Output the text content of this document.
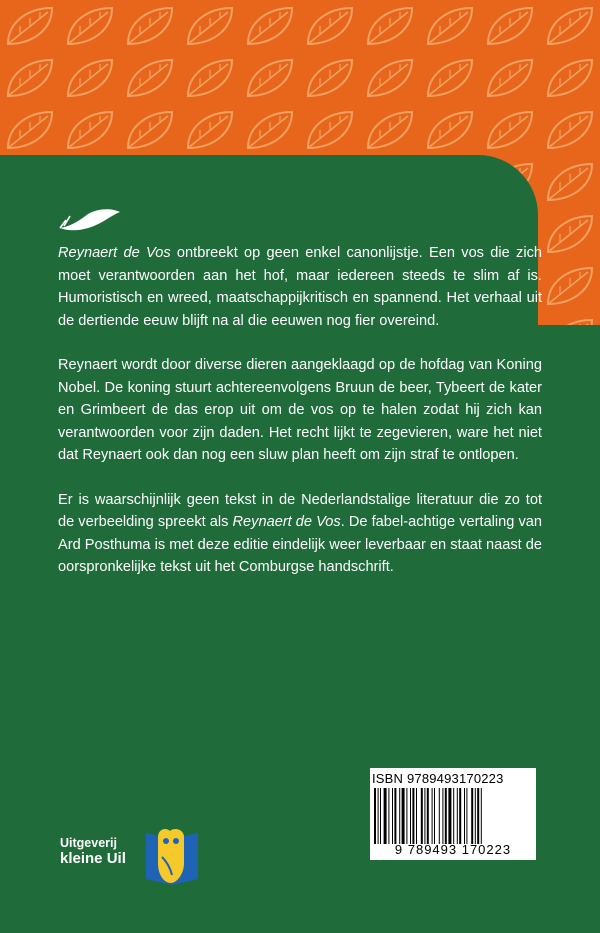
Reynaert de Vos ontbreekt op geen enkel canonlijstje. Een vos die zich moet verantwoorden aan het hof, maar iedereen steeds te slim af is. Humoristisch en wreed, maatschappijkritisch en spannend. Het verhaal uit de dertiende eeuw blijft na al die eeuwen nog fier overeind.

Reynaert wordt door diverse dieren aangeklaagd op de hofdag van Koning Nobel. De koning stuurt achtereenvolgens Bruun de beer, Tybeert de kater en Grimbeert de das erop uit om de vos op te halen zodat hij zich kan verantwoorden voor zijn daden. Het recht lijkt te zegevieren, ware het niet dat Reynaert ook dan nog een sluw plan heeft om zijn straf te ontlopen.

Er is waarschijnlijk geen tekst in de Nederlandstalige literatuur die zo tot de verbeelding spreekt als Reynaert de Vos. De fabel-achtige vertaling van Ard Posthuma is met deze editie eindelijk weer leverbaar en staat naast de oorspronkelijke tekst uit het Comburgse handschrift.

ISBN 9789493170223
9 789493 170223
Uitgeverij
kleine Uil
